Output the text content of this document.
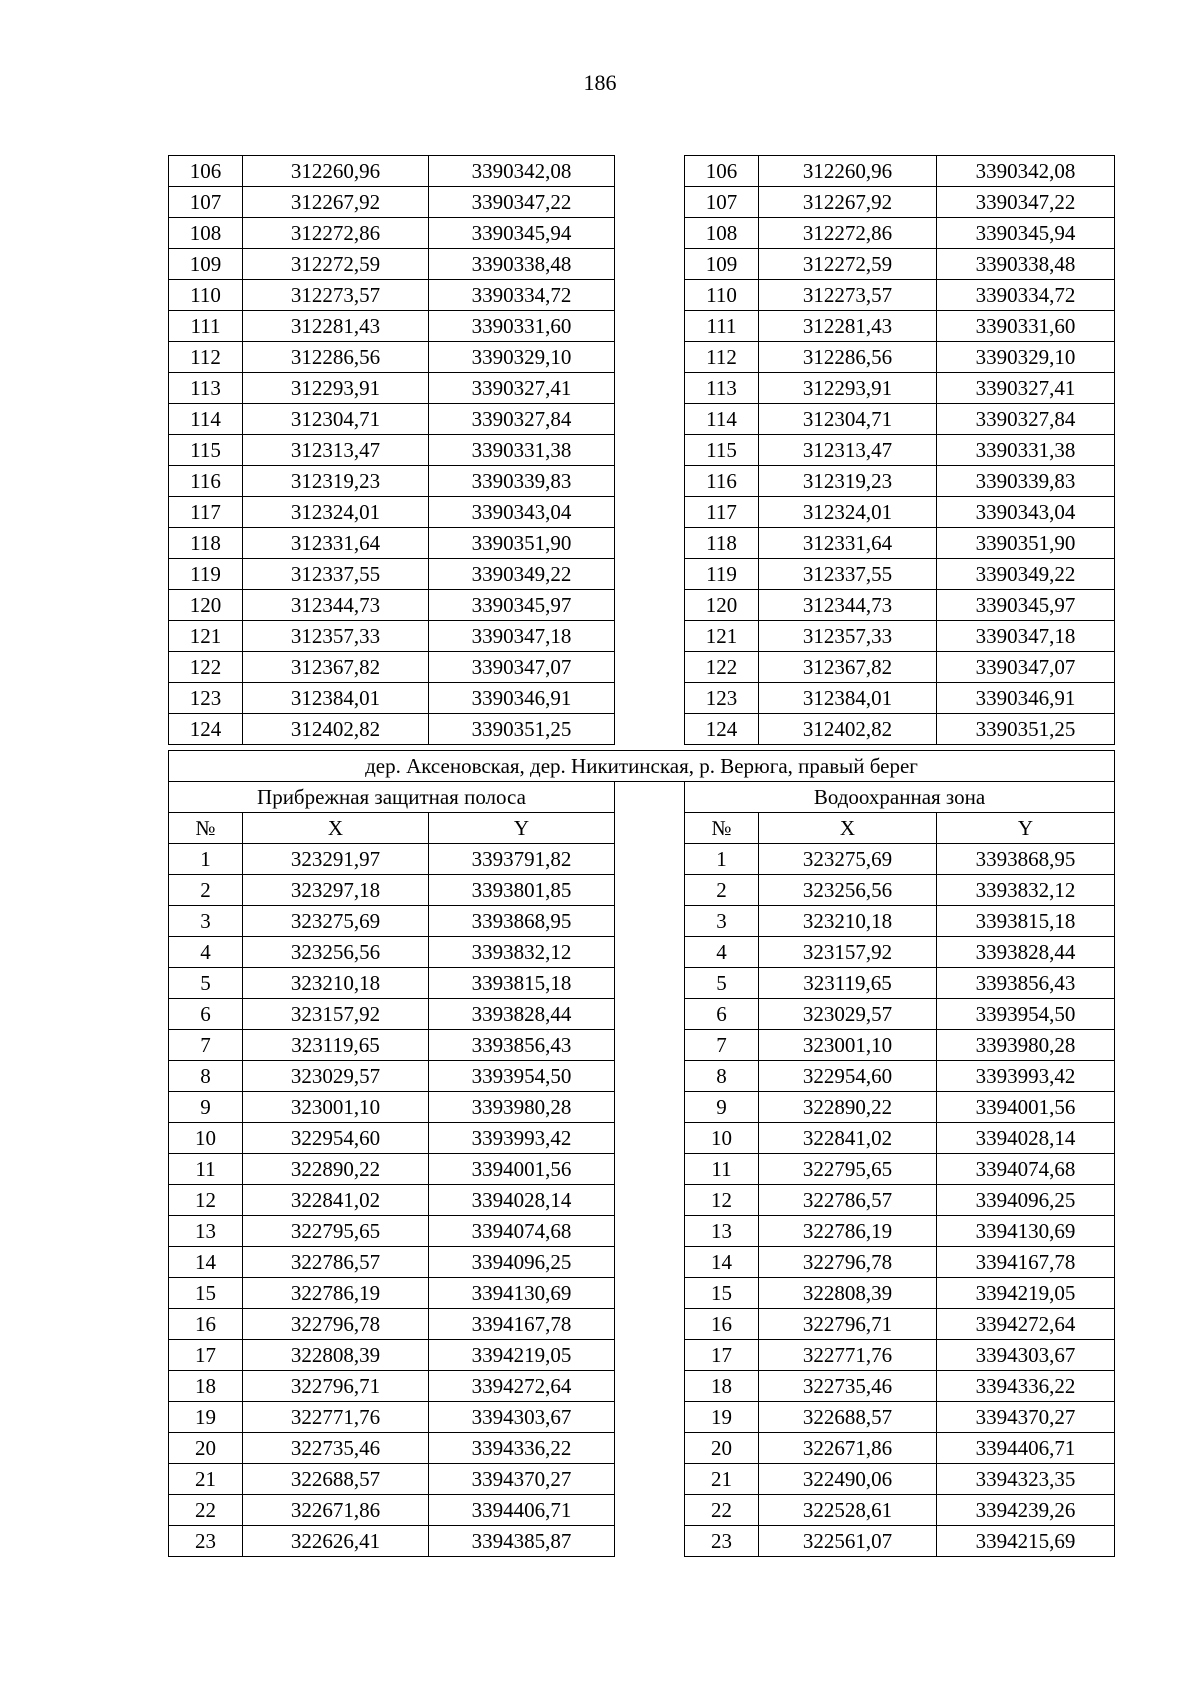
186
106	312260,96	3390342,08		106	312260,96	3390342,08
107	312267,92	3390347,22		107	312267,92	3390347,22
108	312272,86	3390345,94		108	312272,86	3390345,94
109	312272,59	3390338,48		109	312272,59	3390338,48
110	312273,57	3390334,72		110	312273,57	3390334,72
111	312281,43	3390331,60		111	312281,43	3390331,60
112	312286,56	3390329,10		112	312286,56	3390329,10
113	312293,91	3390327,41		113	312293,91	3390327,41
114	312304,71	3390327,84		114	312304,71	3390327,84
115	312313,47	3390331,38		115	312313,47	3390331,38
116	312319,23	3390339,83		116	312319,23	3390339,83
117	312324,01	3390343,04		117	312324,01	3390343,04
118	312331,64	3390351,90		118	312331,64	3390351,90
119	312337,55	3390349,22		119	312337,55	3390349,22
120	312344,73	3390345,97		120	312344,73	3390345,97
121	312357,33	3390347,18		121	312357,33	3390347,18
122	312367,82	3390347,07		122	312367,82	3390347,07
123	312384,01	3390346,91		123	312384,01	3390346,91
124	312402,82	3390351,25		124	312402,82	3390351,25
дер. Аксеновская, дер. Никитинская, р. Верюга, правый берег						
Прибрежная защитная полоса				Водоохранная зона		
№	X	Y		№	X	Y
1	323291,97	3393791,82		1	323275,69	3393868,95
2	323297,18	3393801,85		2	323256,56	3393832,12
3	323275,69	3393868,95		3	323210,18	3393815,18
4	323256,56	3393832,12		4	323157,92	3393828,44
5	323210,18	3393815,18		5	323119,65	3393856,43
6	323157,92	3393828,44		6	323029,57	3393954,50
7	323119,65	3393856,43		7	323001,10	3393980,28
8	323029,57	3393954,50		8	322954,60	3393993,42
9	323001,10	3393980,28		9	322890,22	3394001,56
10	322954,60	3393993,42		10	322841,02	3394028,14
11	322890,22	3394001,56		11	322795,65	3394074,68
12	322841,02	3394028,14		12	322786,57	3394096,25
13	322795,65	3394074,68		13	322786,19	3394130,69
14	322786,57	3394096,25		14	322796,78	3394167,78
15	322786,19	3394130,69		15	322808,39	3394219,05
16	322796,78	3394167,78		16	322796,71	3394272,64
17	322808,39	3394219,05		17	322771,76	3394303,67
18	322796,71	3394272,64		18	322735,46	3394336,22
19	322771,76	3394303,67		19	322688,57	3394370,27
20	322735,46	3394336,22		20	322671,86	3394406,71
21	322688,57	3394370,27		21	322490,06	3394323,35
22	322671,86	3394406,71		22	322528,61	3394239,26
23	322626,41	3394385,87		23	322561,07	3394215,69
